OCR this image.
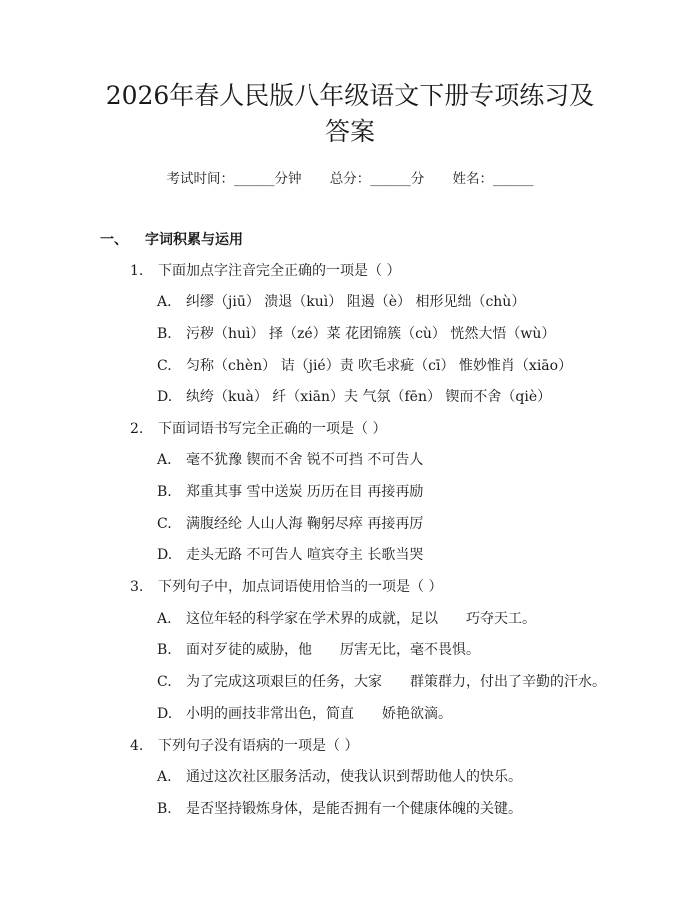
2026年春人民版八年级语文下册专项练习及
答案
考试时间：______分钟 总分：______分 姓名：______
一、 字词积累与运用
1. 下面加点字注音完全正确的一项是（ ）
A. 纠缪（jiū） 溃退（kuì） 阻遏（è） 相形见绌（chù）
B. 污秽（huì） 择（zé）菜 花团锦簇（cù） 恍然大悟（wù）
C. 匀称（chèn） 诘（jié）责 吹毛求疵（cī） 惟妙惟肖（xiāo）
D. 纨绔（kuà） 纤（xiān）夫 气氛（fēn） 锲而不舍（qiè）
2. 下面词语书写完全正确的一项是（ ）
A. 毫不犹豫 锲而不舍 锐不可挡 不可告人
B. 郑重其事 雪中送炭 历历在目 再接再励
C. 满腹经纶 人山人海 鞠躬尽瘁 再接再厉
D. 走头无路 不可告人 喧宾夺主 长歌当哭
3. 下列句子中，加点词语使用恰当的一项是（ ）
A. 这位年轻的科学家在学术界的成就，足以　　巧夺天工。
B. 面对歹徒的威胁，他　　厉害无比，毫不畏惧。
C. 为了完成这项艰巨的任务，大家　　群策群力，付出了辛勤的汗水。
D. 小明的画技非常出色，简直　　娇艳欲滴。
4. 下列句子没有语病的一项是（ ）
A. 通过这次社区服务活动，使我认识到帮助他人的快乐。
B. 是否坚持锻炼身体，是能否拥有一个健康体魄的关键。
